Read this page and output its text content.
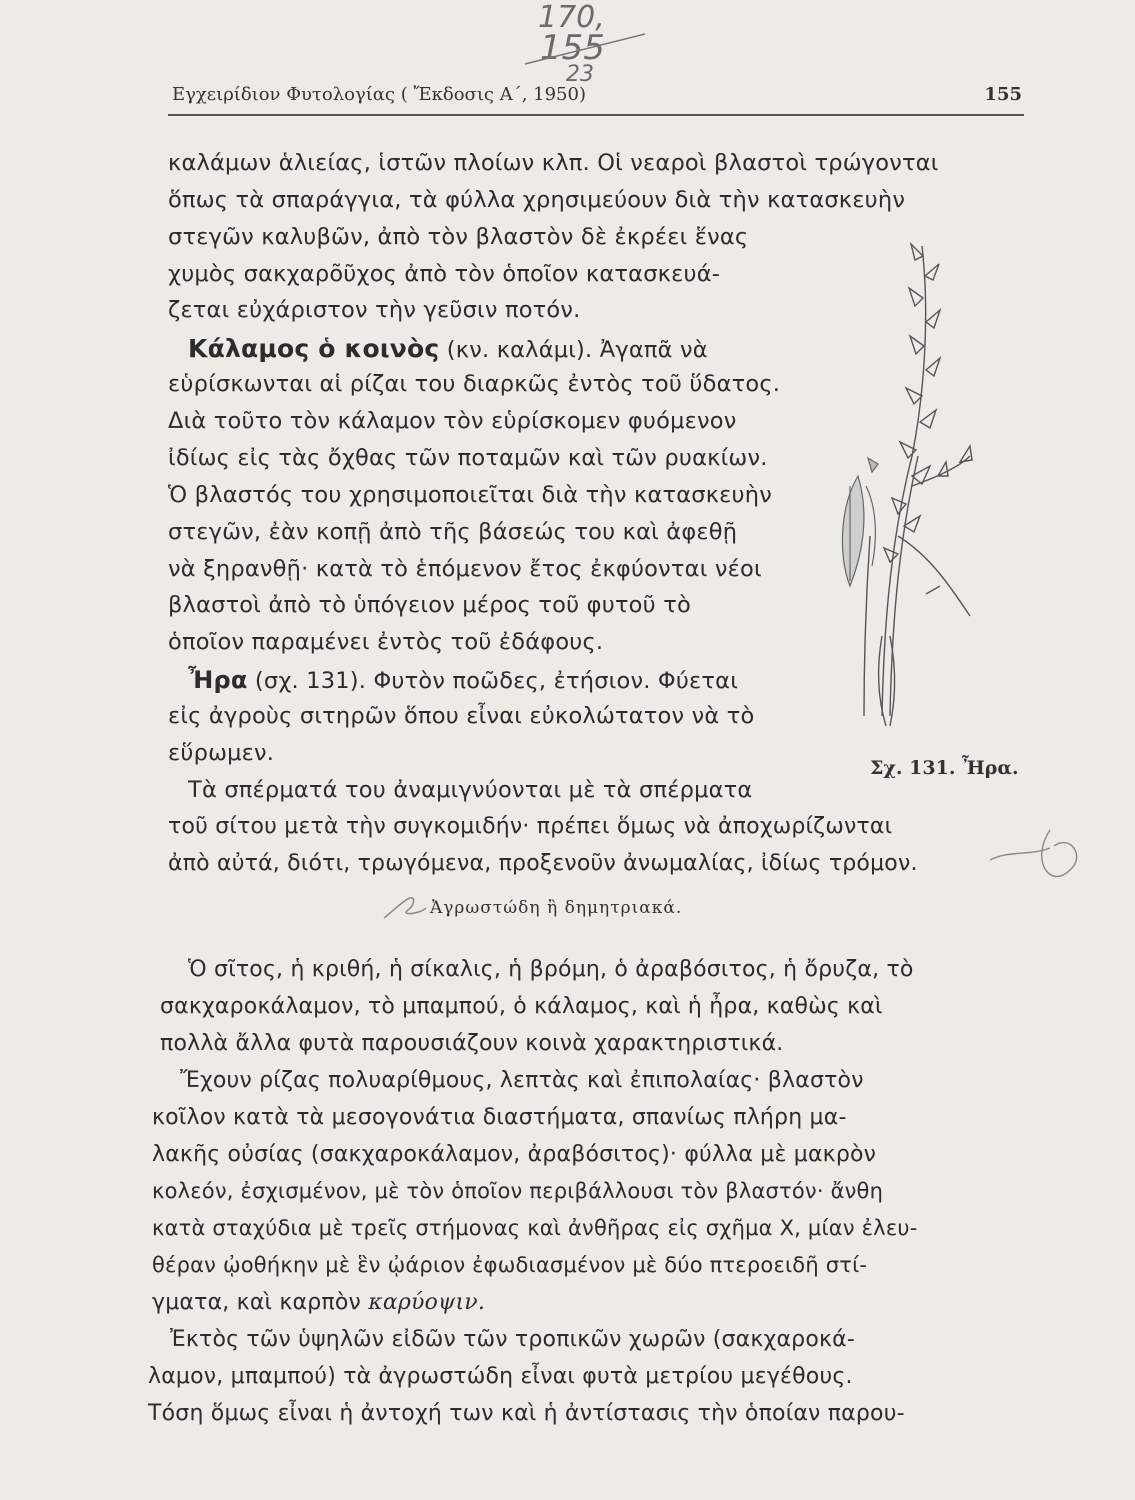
170,
155
23
Εγχειρίδιον Φυτολογίας ( Ἔκδοσις Α΄, 1950)	155
καλάμων ἁλιείας, ἱστῶν πλοίων κλπ. Οἱ νεαροὶ βλαστοὶ τρώγονται
ὅπως τὰ σπαράγγια, τὰ φύλλα χρησιμεύουν διὰ τὴν κατασκευὴν
στεγῶν καλυβῶν, ἀπὸ τὸν βλαστὸν δὲ ἐκρέει ἕνας
χυμὸς σακχαρο̃ῦχος ἀπὸ τὸν ὁποῖον κατασκευά-
ζεται εὐχάριστον τὴν γεῦσιν ποτόν.
Κάλαμος ὁ κοινὸς (κν. καλάμι). Ἀγαπᾶ νὰ
εὑρίσκωνται αἱ ρίζαι του διαρκῶς ἐντὸς τοῦ ὕδατος.
Διὰ τοῦτο τὸν κάλαμον τὸν εὑρίσκομεν φυόμενον
ἰδίως εἰς τὰς ὄχθας τῶν ποταμῶν καὶ τῶν ρυακίων.
Ὁ βλαστός του χρησιμοποιεῖται διὰ τὴν κατασκευὴν
στεγῶν, ἐὰν κοπῇ ἀπὸ τῆς βάσεώς του καὶ ἀφεθῇ
νὰ ξηρανθῇ· κατὰ τὸ ἑπόμενον ἔτος ἐκφύονται νέοι
βλαστοὶ ἀπὸ τὸ ὑπόγειον μέρος τοῦ φυτοῦ τὸ
ὁποῖον παραμένει ἐντὸς τοῦ ἐδάφους.
Ἦρα (σχ. 131). Φυτὸν ποῶδες, ἐτήσιον. Φύεται
εἰς ἀγροὺς σιτηρῶν ὅπου εἶναι εὐκολώτατον νὰ τὸ
εὕρωμεν.
Τὰ σπέρματά του ἀναμιγνύονται μὲ τὰ σπέρματα
τοῦ σίτου μετὰ τὴν συγκομιδήν· πρέπει ὅμως νὰ ἀποχωρίζωνται
ἀπὸ αὐτά, διότι, τρωγόμενα, προξενοῦν ἀνωμαλίας, ἰδίως τρόμον.
Σχ. 131. Ἦρα.
Ἀγρωστώδη ἢ δημητριακά.
Ὁ σῖτος, ἡ κριθή, ἡ σίκαλις, ἡ βρόμη, ὁ ἀραβόσιτος, ἡ ὄρυζα, τὸ
σακχαροκάλαμον, τὸ μπαμπού, ὁ κάλαμος, καὶ ἡ ἦρα, καθὼς καὶ
πολλὰ ἄλλα φυτὰ παρουσιάζουν κοινὰ χαρακτηριστικά.
Ἔχουν ρίζας πολυαρίθμους, λεπτὰς καὶ ἐπιπολαίας· βλαστὸν
κοῖλον κατὰ τὰ μεσογονάτια διαστήματα, σπανίως πλήρη μα-
λακῆς οὐσίας (σακχαροκάλαμον, ἀραβόσιτος)· φύλλα μὲ μακρὸν
κολεόν, ἐσχισμένον, μὲ τὸν ὁποῖον περιβάλλουσι τὸν βλαστόν· ἄνθη
κατὰ σταχύδια μὲ τρεῖς στήμονας καὶ ἀνθῆρας εἰς σχῆμα Χ, μίαν ἐλευ-
θέραν ᾠοθήκην μὲ ἓν ᾠάριον ἐφωδιασμένον μὲ δύο πτεροειδῆ στί-
γματα, καὶ καρπὸν καρύοψιν.
Ἐκτὸς τῶν ὑψηλῶν εἰδῶν τῶν τροπικῶν χωρῶν (σακχαροκά-
λαμον, μπαμπού) τὰ ἀγρωστώδη εἶναι φυτὰ μετρίου μεγέθους.
Τόση ὅμως εἶναι ἡ ἀντοχή των καὶ ἡ ἀντίστασις τὴν ὁποίαν παρου-
